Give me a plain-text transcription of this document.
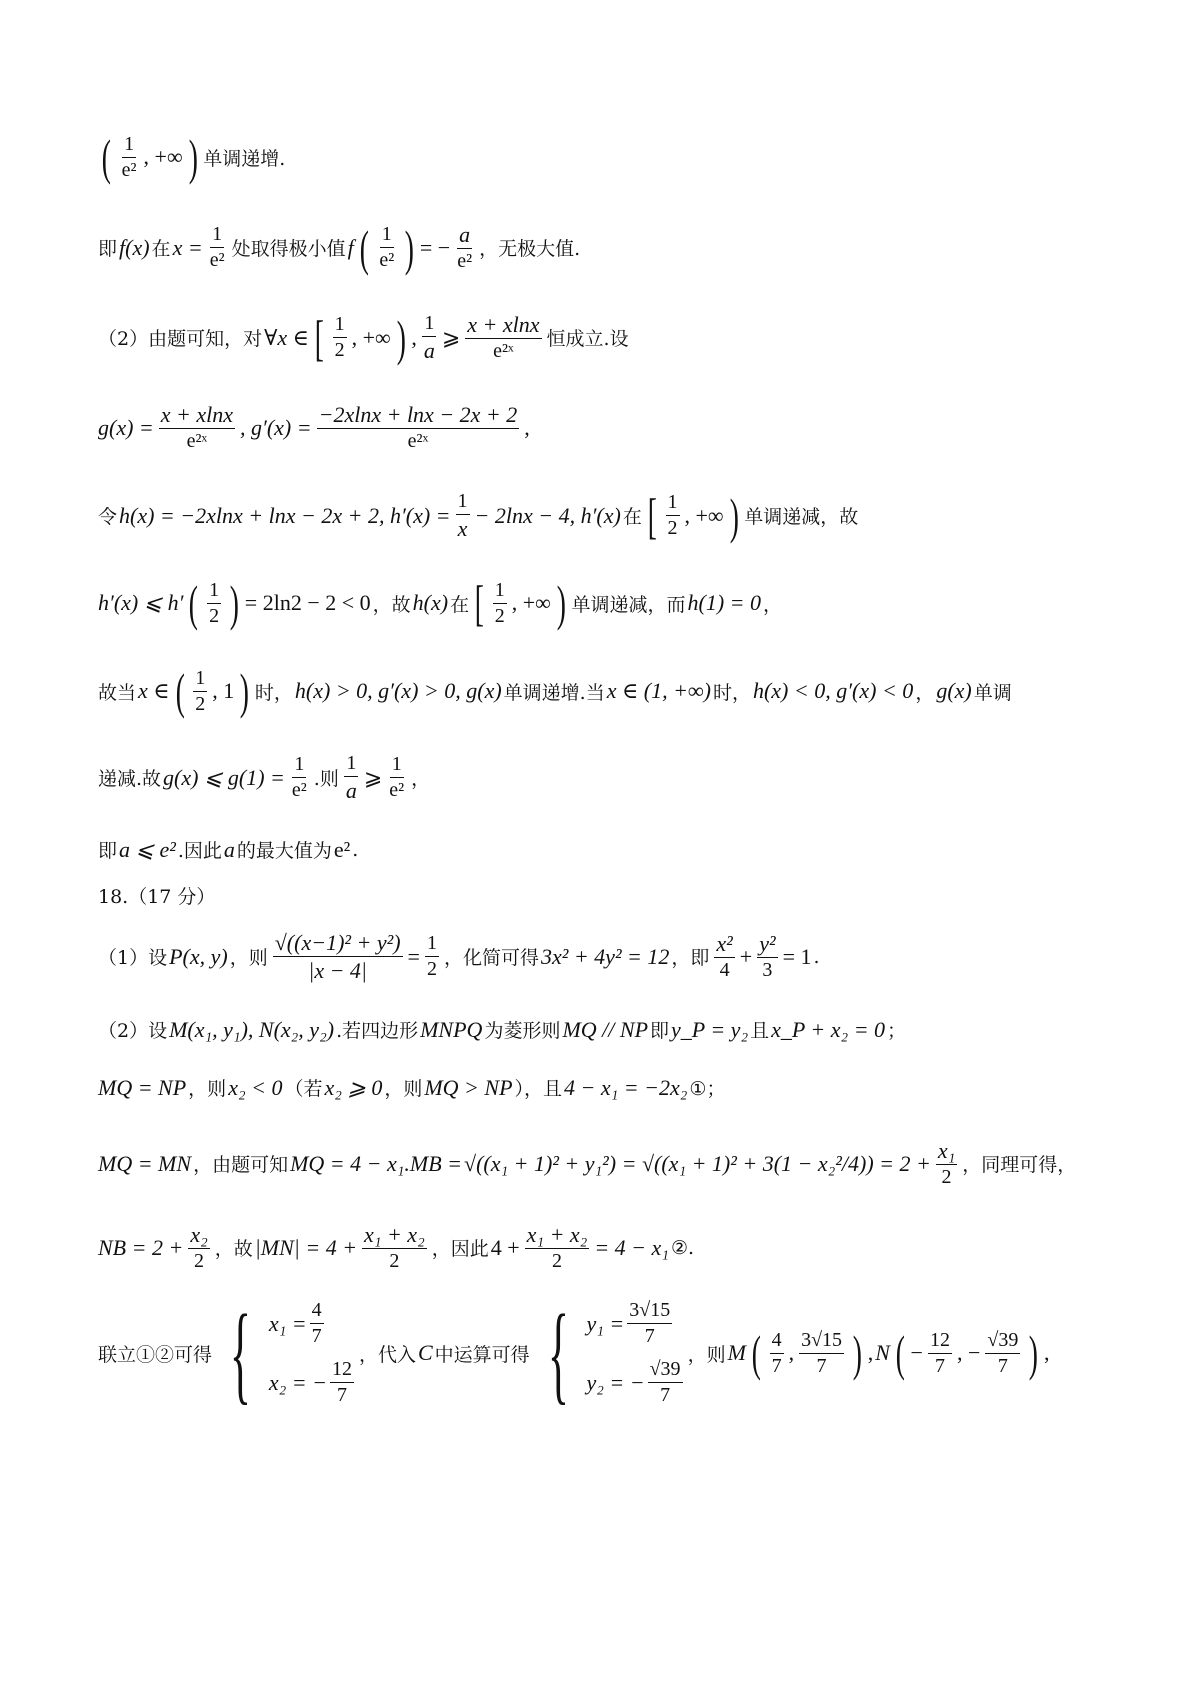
( $\frac{1}{\text{e²}}$ , +∞ ) 单调递增.
即 f(x) 在 $x = \frac{1}{\text{e²}}$ 处取得极小值 f ( $\frac{1}{\text{e²}}$ ) = − $\frac{a}{\text{e²}}$ ，无极大值.
（2）由题可知，对 ∀x ∈ [ $\frac{1}{2}$ , +∞ ) , $\frac{1}{a}$ ⩾ $\frac{x + xlnx}{\text{e²ˣ}}$ 恒成立.设
$g(x) = \frac{x + xlnx}{\text{e²ˣ}}$ , $g'(x) = \frac{-2xlnx + \ln x - 2x + 2}{\text{e²ˣ}}$ ,
令 h(x) = −2xlnx + lnx − 2x + 2, $h'(x) = \frac{1}{x} - 2\ln x - 4$, h′(x) 在 [ $\frac{1}{2}$ , +∞ ) 单调递减，故
h′(x) ⩽ h′ ( $\frac{1}{2}$ ) = 2ln2 − 2 < 0 ，故 h(x) 在 [ $\frac{1}{2}$ , +∞ ) 单调递减，而 h(1) = 0 ，
故当 x ∈ ( $\frac{1}{2}$ , 1 ) 时， h(x) > 0, g′(x) > 0, g(x) 单调递增.当 x ∈ (1, +∞) 时， h(x) < 0, g′(x) < 0 ， g(x) 单调
递减.故 g(x) ⩽ $g(1) = \frac{1}{\text{e²}}$ .则 $\frac{1}{a}$ ⩾ $\frac{1}{\text{e²}}$ ，
即 a ⩽ e² .因此 a 的最大值为 e² .
18.（17 分）
（1）设 P(x, y) ，则 $\frac{\text{√((x−1)² + y²)}}{|x - 4|} = \frac{1}{2}$ ，化简可得 3x² + 4y² = 12 ，即 $\frac{\text{x²}}{4} + \frac{\text{y²}}{3} = 1$ .
（2）设 M(x₁, y₁), N(x₂, y₂) .若四边形 MNPQ 为菱形则 MQ // NP 即 y_P = y₂ 且 x_P + x₂ = 0 ；
MQ = NP ，则 x₂ < 0 （若 x₂ ⩾ 0 ，则 MQ > NP ），且 4 − x₁ = −2x₂ ①；
MQ = MN ，由题可知 MQ = $4 - x_1.MB = √((x_1 + 1)^2 + y_1^2) = √((x_1 + 1)^2 + 3(1 - x_2^2/4)) = 2 + \frac{\text{x₁}}{2}$ ，同理可得，
NB = $2 + \frac{\text{x₂}}{2}$ ，故 $|MN| = 4 + \frac{\text{x₁ + x₂}}{2}$ ，因此 $4 + \frac{\text{x₁ + x₂}}{2} = 4 - x_1$ ②.
联立①②可得 { $x_1 = \frac{4}{7}$
x₂ = − $\frac{12}{7}$
，代入 C 中运算可得 { $y_1 = \frac{3√15}{7}$
y₂ = − $\frac{√39}{7}$
，则 M ( $\frac{4}{7}$ , $\frac{3√15}{7}$ ) , N ( − $\frac{12}{7}$ , − $\frac{√39}{7}$ ) ,
